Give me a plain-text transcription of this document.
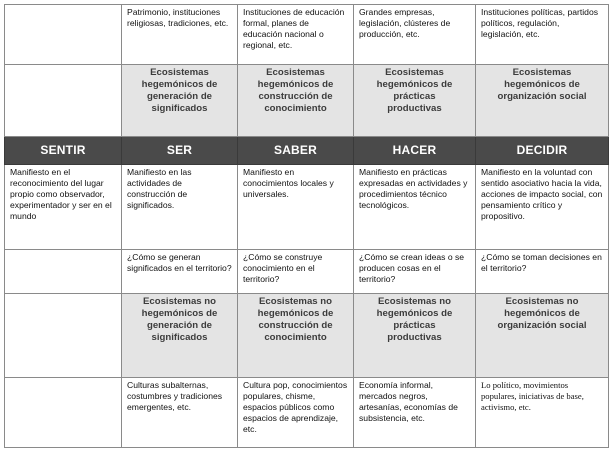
	Patrimonio, instituciones religiosas, tradiciones, etc.	Instituciones de educación formal, planes de educación nacional o regional, etc.	Grandes empresas, legislación, clústeres de producción, etc.	Instituciones políticas, partidos políticos, regulación, legislación, etc.

	Ecosistemas hegemónicos de generación de significados	Ecosistemas hegemónicos de construcción de conocimiento	Ecosistemas hegemónicos de prácticas productivas	Ecosistemas hegemónicos de organización social

SENTIR	SER	SABER	HACER	DECIDIR
Manifiesto en el reconocimiento del lugar propio como observador, experimentador y ser en el mundo	Manifiesto en las actividades de construcción de significados.	Manifiesto en conocimientos locales y universales.	Manifiesto en prácticas expresadas en actividades y procedimientos técnico tecnológicos.	Manifiesto en la voluntad con sentido asociativo hacia la vida, acciones de impacto social, con pensamiento crítico y propositivo.
	¿Cómo se generan significados en el territorio?	¿Cómo se construye conocimiento en el territorio?	¿Cómo se crean ideas o se producen cosas en el territorio?	¿Cómo se toman decisiones en el territorio?

	Ecosistemas no hegemónicos de generación de significados	Ecosistemas no hegemónicos de construcción de conocimiento	Ecosistemas no hegemónicos de prácticas productivas	Ecosistemas no hegemónicos de organización social

	Culturas subalternas, costumbres y tradiciones emergentes, etc.	Cultura pop, conocimientos populares, chisme, espacios públicos como espacios de aprendizaje, etc.	Economía informal, mercados negros, artesanías, economías de subsistencia, etc.	Lo político, movimientos populares, iniciativas de base, activismo, etc.
